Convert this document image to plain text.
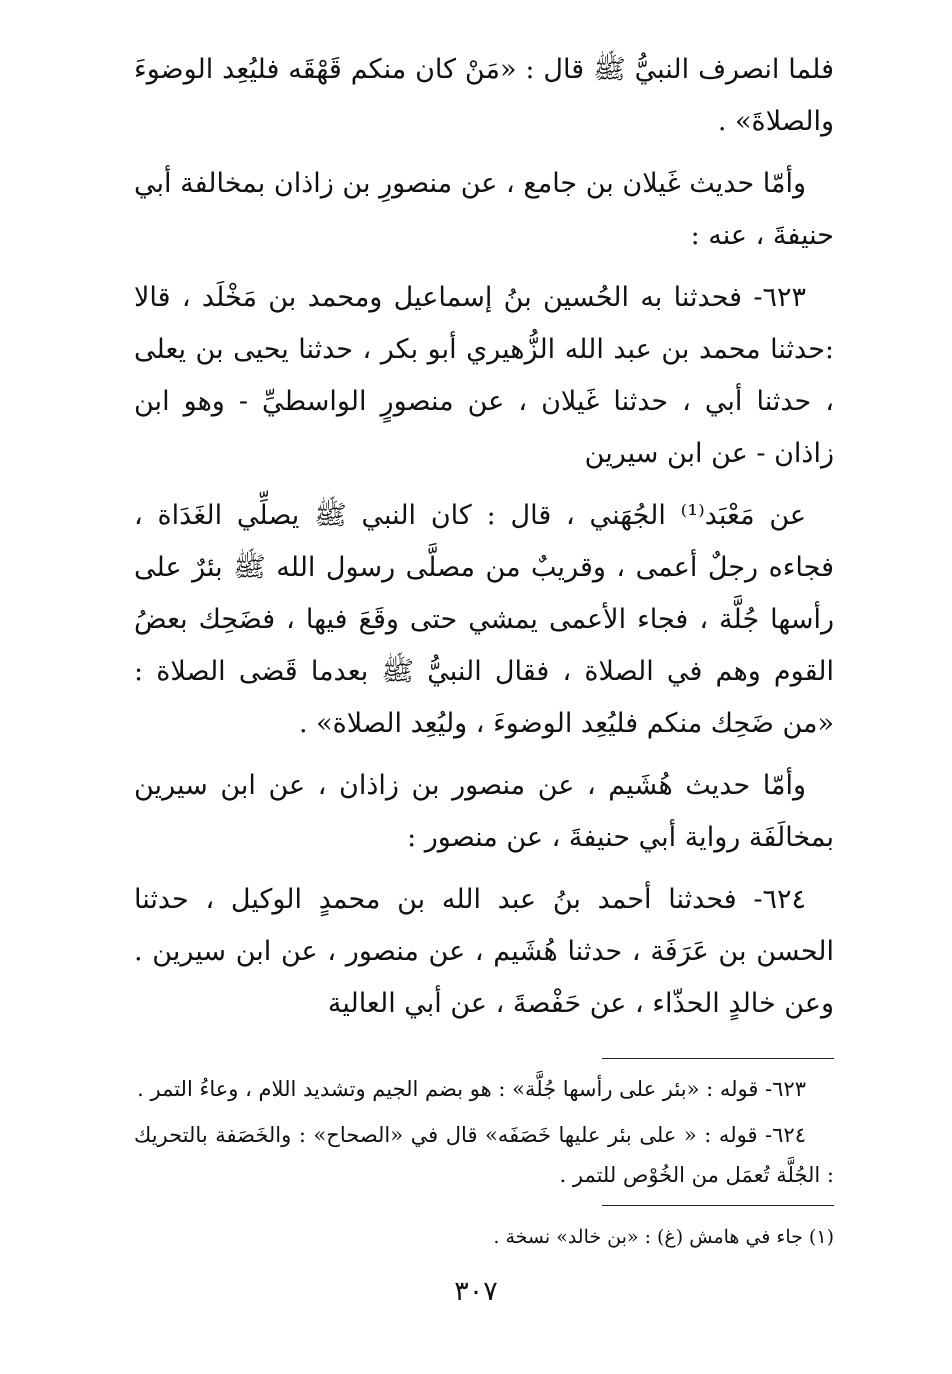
فلما انصرف النبيُّ ﷺ قال : «مَنْ كان منكم قَهْقَه فليُعِد الوضوءَ والصلاةَ» .

وأمّا حديث غَيلان بن جامع ، عن منصورِ بن زاذان بمخالفة أبي حنيفةَ ، عنه :

٦٢٣- فحدثنا به الحُسين بنُ إسماعيل ومحمد بن مَخْلَد ، قالا :حدثنا محمد بن عبد الله الزُّهيري أبو بكر ، حدثنا يحيى بن يعلى ، حدثنا أبي ، حدثنا غَيلان ، عن منصورٍ الواسطيِّ - وهو ابن زاذان - عن ابن سيرين

عن مَعْبَد⁽¹⁾ الجُهَني ، قال : كان النبي ﷺ يصلِّي الغَدَاة ، فجاءه رجلٌ أعمى ، وقريبٌ من مصلَّى رسول الله ﷺ بئرٌ على رأسها جُلَّة ، فجاء الأعمى يمشي حتى وقَعَ فيها ، فضَحِك بعضُ القوم وهم في الصلاة ، فقال النبيُّ ﷺ بعدما قَضى الصلاة : «من ضَحِك منكم فليُعِد الوضوءَ ، وليُعِد الصلاة» .

وأمّا حديث هُشَيم ، عن منصور بن زاذان ، عن ابن سيرين بمخالَفَة رواية أبي حنيفةَ ، عن منصور :

٦٢٤- فحدثنا أحمد بنُ عبد الله بن محمدٍ الوكيل ، حدثنا الحسن بن عَرَفَة ، حدثنا هُشَيم ، عن منصور ، عن ابن سيرين . وعن خالدٍ الحذّاء ، عن حَفْصةَ ، عن أبي العالية

٦٢٣- قوله : «بئر على رأسها جُلَّة» : هو بضم الجيم وتشديد اللام ، وعاءُ التمر .

٦٢٤- قوله : « على بئر عليها خَصَفَه» قال في «الصحاح» : والخَصَفة بالتحريك : الجُلَّة تُعمَل من الخُوْص للتمر .

(١) جاء في هامش (غ) : «بن خالد» نسخة .

٣٠٧
